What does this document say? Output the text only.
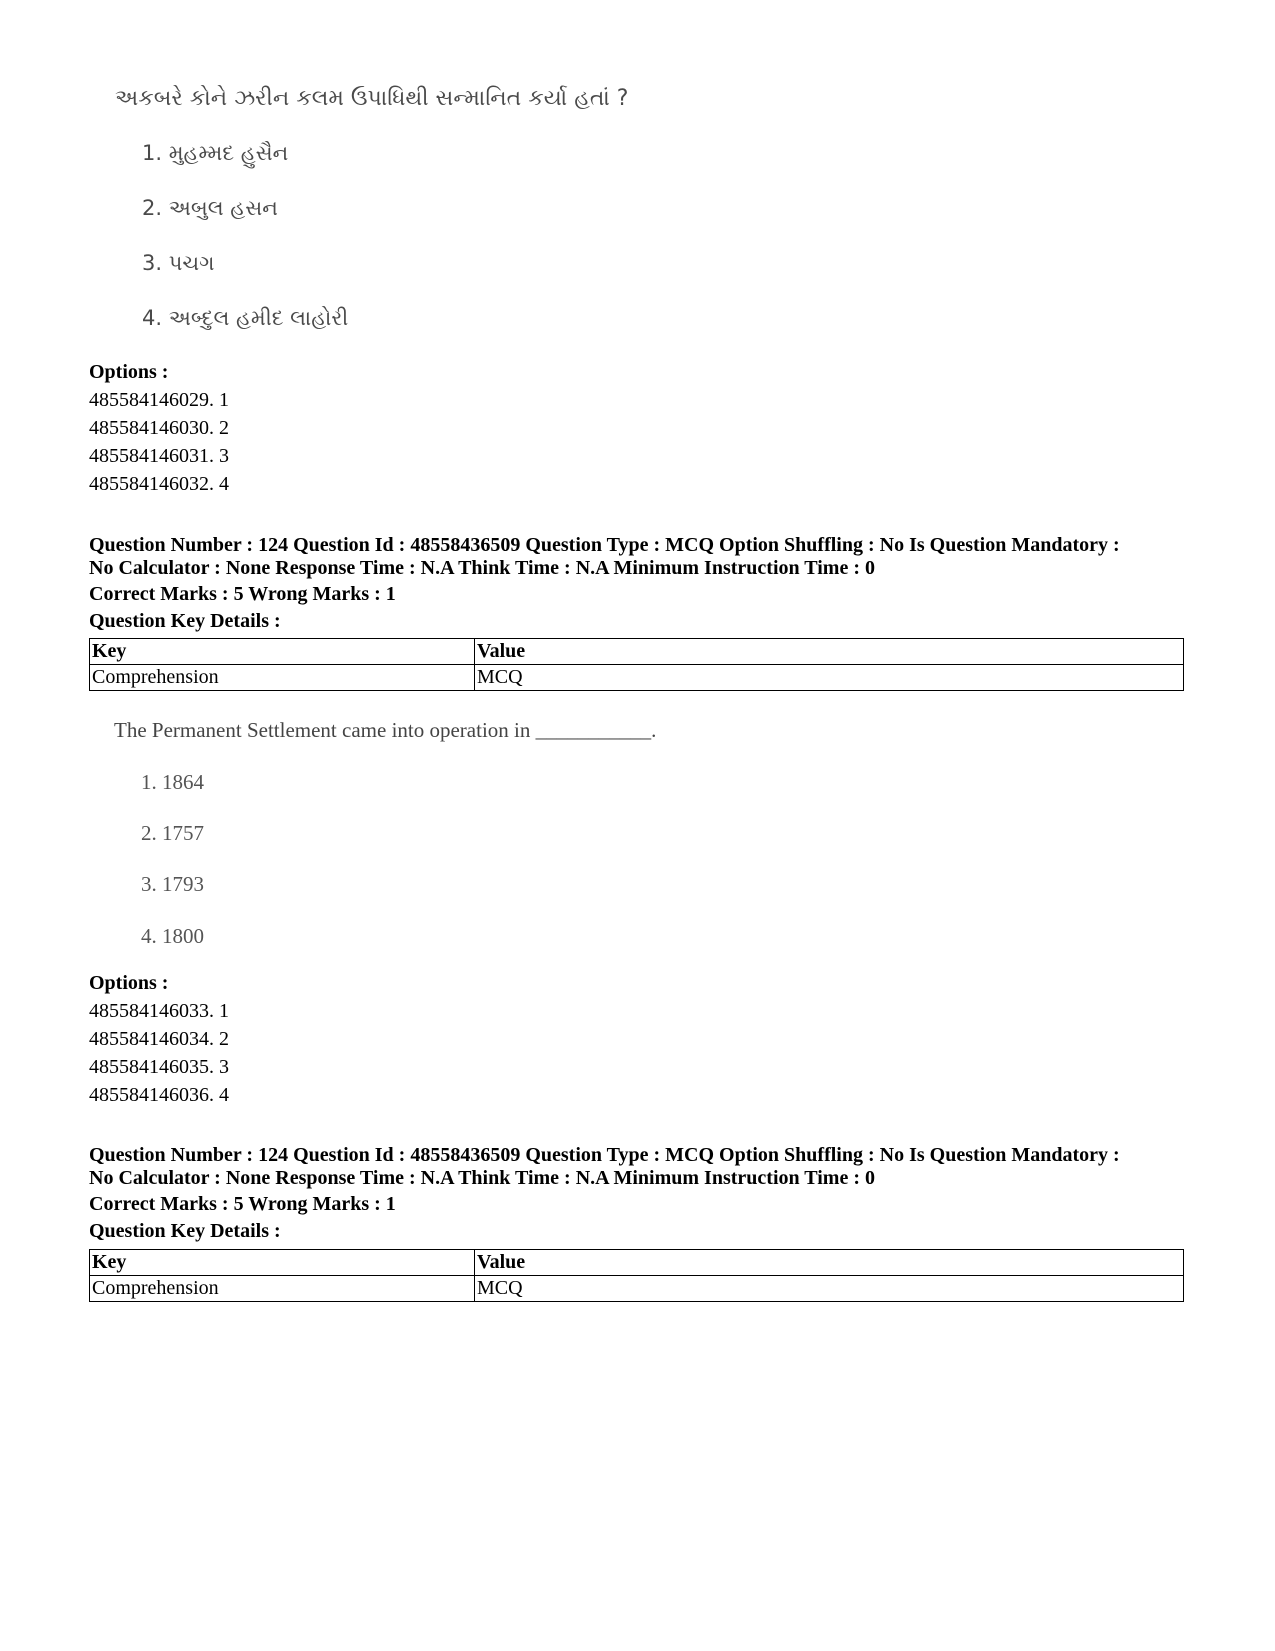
અકબરે કોને ઝરીન કલમ ઉપાધિથી સન્માનિત કર્યા હતાં ?
1. મુહમ્મદ હુસૈન
2. અબુલ હસન
3. પચગ
4. અબ્દુલ હમીદ લાહોરી
Options :
485584146029. 1
485584146030. 2
485584146031. 3
485584146032. 4
Question Number : 124 Question Id : 48558436509 Question Type : MCQ Option Shuffling : No Is Question Mandatory :
No Calculator : None Response Time : N.A Think Time : N.A Minimum Instruction Time : 0
Correct Marks : 5 Wrong Marks : 1
Question Key Details :
Key	Value
Comprehension	MCQ
The Permanent Settlement came into operation in ___________.
1. 1864
2. 1757
3. 1793
4. 1800
Options :
485584146033. 1
485584146034. 2
485584146035. 3
485584146036. 4
Question Number : 124 Question Id : 48558436509 Question Type : MCQ Option Shuffling : No Is Question Mandatory :
No Calculator : None Response Time : N.A Think Time : N.A Minimum Instruction Time : 0
Correct Marks : 5 Wrong Marks : 1
Question Key Details :
Key	Value
Comprehension	MCQ
